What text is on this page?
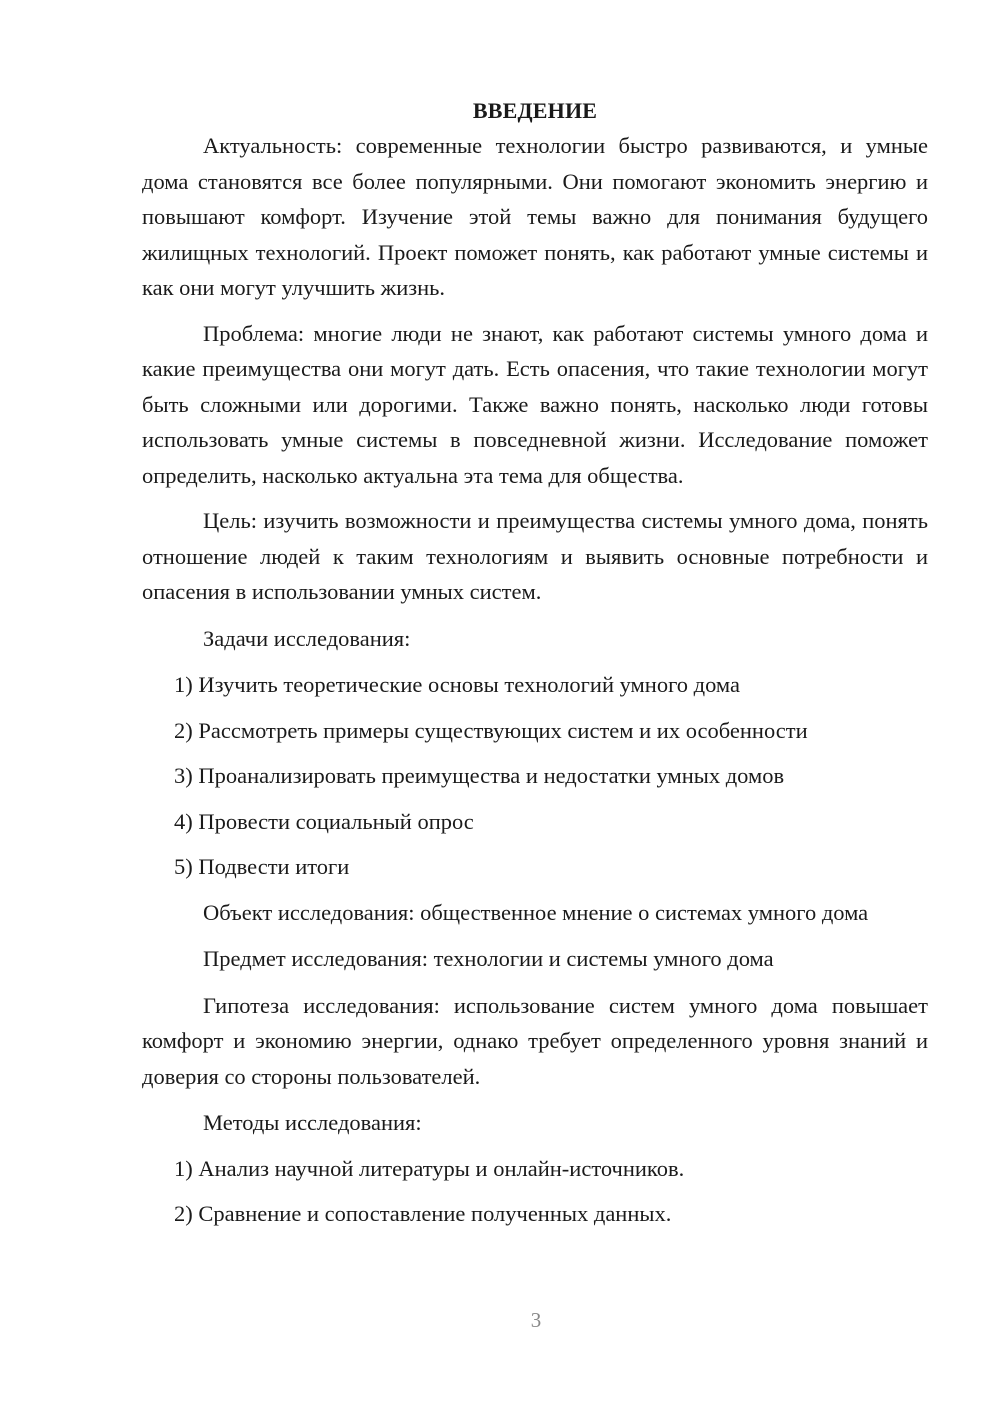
ВВЕДЕНИЕ

Актуальность: современные технологии быстро развиваются, и умные дома становятся все более популярными. Они помогают экономить энергию и повышают комфорт. Изучение этой темы важно для понимания будущего жилищных технологий. Проект поможет понять, как работают умные системы и как они могут улучшить жизнь.

Проблема: многие люди не знают, как работают системы умного дома и какие преимущества они могут дать. Есть опасения, что такие технологии могут быть сложными или дорогими. Также важно понять, насколько люди готовы использовать умные системы в повседневной жизни. Исследование поможет определить, насколько актуальна эта тема для общества.

Цель: изучить возможности и преимущества системы умного дома, понять отношение людей к таким технологиям и выявить основные потребности и опасения в использовании умных систем.

Задачи исследования:

1) Изучить теоретические основы технологий умного дома

2) Рассмотреть примеры существующих систем и их особенности

3) Проанализировать преимущества и недостатки умных домов

4) Провести социальный опрос

5) Подвести итоги

Объект исследования: общественное мнение о системах умного дома

Предмет исследования: технологии и системы умного дома

Гипотеза исследования: использование систем умного дома повышает комфорт и экономию энергии, однако требует определенного уровня знаний и доверия со стороны пользователей.

Методы исследования:

1) Анализ научной литературы и онлайн-источников.

2) Сравнение и сопоставление полученных данных.

3
